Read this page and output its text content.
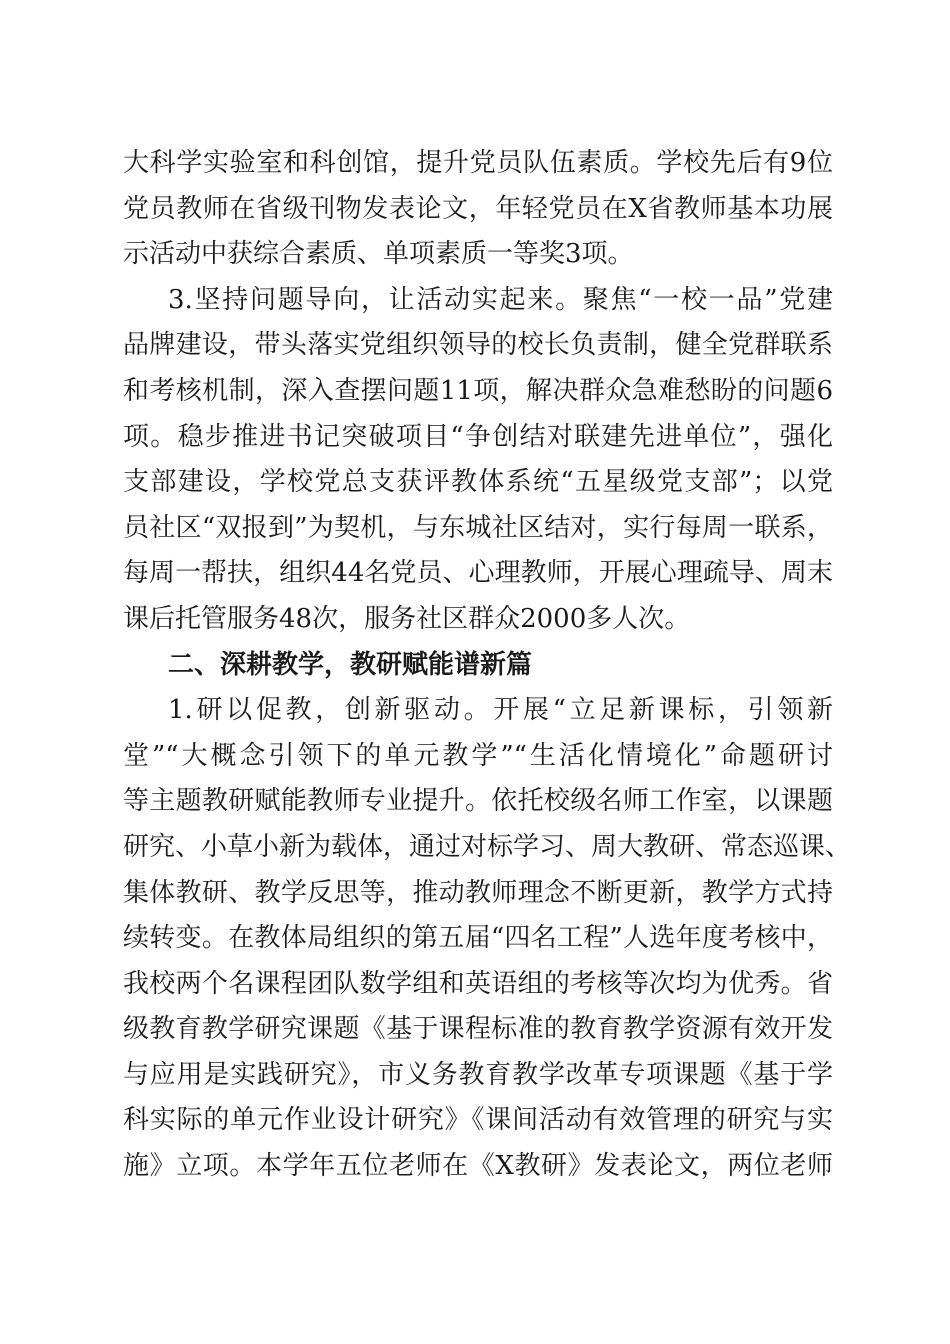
大科学实验室和科创馆，提升党员队伍素质。学校先后有9位
党员教师在省级刊物发表论文，年轻党员在X省教师基本功展
示活动中获综合素质、单项素质一等奖3项。
3.坚持问题导向，让活动实起来。聚焦“一校一品”党建
品牌建设，带头落实党组织领导的校长负责制，健全党群联系
和考核机制，深入查摆问题11项，解决群众急难愁盼的问题6
项。稳步推进书记突破项目“争创结对联建先进单位”，强化
支部建设，学校党总支获评教体系统“五星级党支部”；以党
员社区“双报到”为契机，与东城社区结对，实行每周一联系，
每周一帮扶，组织44名党员、心理教师，开展心理疏导、周末
课后托管服务48次，服务社区群众2000多人次。
二、深耕教学，教研赋能谱新篇
1.研以促教，创新驱动。开展“立足新课标，引领新
堂”“大概念引领下的单元教学”“生活化情境化”命题研讨
等主题教研赋能教师专业提升。依托校级名师工作室，以课题
研究、小草小新为载体，通过对标学习、周大教研、常态巡课、
集体教研、教学反思等，推动教师理念不断更新，教学方式持
续转变。在教体局组织的第五届“四名工程”人选年度考核中，
我校两个名课程团队数学组和英语组的考核等次均为优秀。省
级教育教学研究课题《基于课程标准的教育教学资源有效开发
与应用是实践研究》，市义务教育教学改革专项课题《基于学
科实际的单元作业设计研究》《课间活动有效管理的研究与实
施》立项。本学年五位老师在《X教研》发表论文，两位老师
